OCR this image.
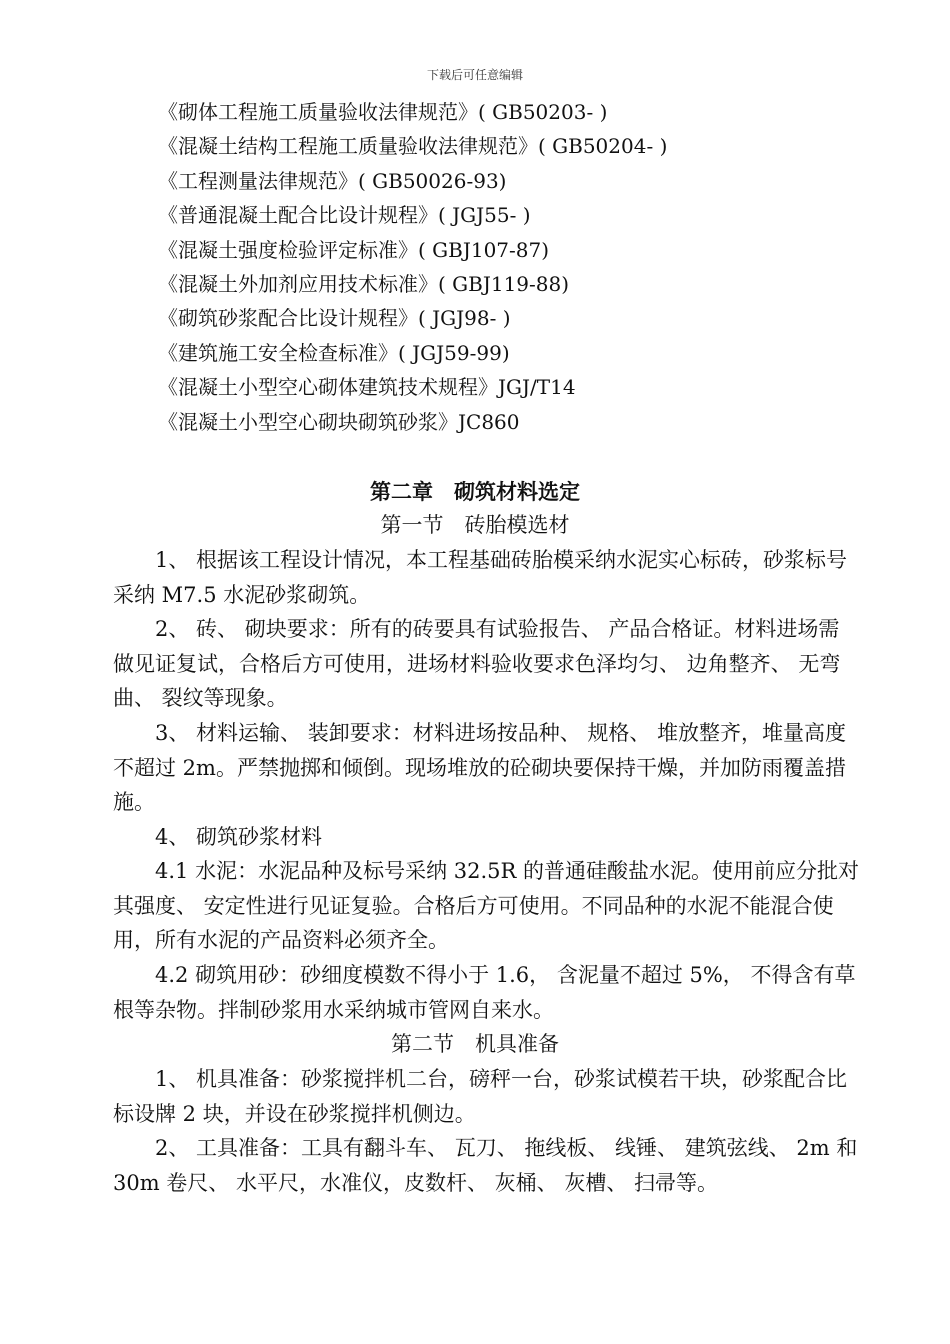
下载后可任意编辑
《砌体工程施工质量验收法律规范》( GB50203- )
《混凝土结构工程施工质量验收法律规范》( GB50204- )
《工程测量法律规范》( GB50026-93)
《普通混凝土配合比设计规程》( JGJ55- )
《混凝土强度检验评定标准》( GBJ107-87)
《混凝土外加剂应用技术标准》( GBJ119-88)
《砌筑砂浆配合比设计规程》( JGJ98- )
《建筑施工安全检查标准》( JGJ59-99)
《混凝土小型空心砌体建筑技术规程》JGJ/T14
《混凝土小型空心砌块砌筑砂浆》JC860
第二章　砌筑材料选定
第一节　砖胎模选材

1、 根据该工程设计情况，本工程基础砖胎模采纳水泥实心标砖，砂浆标号采纳 M7.5 水泥砂浆砌筑。

2、 砖、 砌块要求：所有的砖要具有试验报告、 产品合格证。材料进场需做见证复试，合格后方可使用，进场材料验收要求色泽均匀、 边角整齐、 无弯曲、 裂纹等现象。

3、 材料运输、 装卸要求：材料进场按品种、 规格、 堆放整齐，堆量高度不超过 2m。严禁抛掷和倾倒。现场堆放的砼砌块要保持干燥，并加防雨覆盖措施。

4、 砌筑砂浆材料

4.1 水泥：水泥品种及标号采纳 32.5R 的普通硅酸盐水泥。使用前应分批对其强度、 安定性进行见证复验。合格后方可使用。不同品种的水泥不能混合使用，所有水泥的产品资料必须齐全。

4.2 砌筑用砂：砂细度模数不得小于 1.6， 含泥量不超过 5%， 不得含有草根等杂物。拌制砂浆用水采纳城市管网自来水。

第二节　机具准备

1、 机具准备：砂浆搅拌机二台，磅秤一台，砂浆试模若干块，砂浆配合比标设牌 2 块，并设在砂浆搅拌机侧边。

2、 工具准备：工具有翻斗车、 瓦刀、 拖线板、 线锤、 建筑弦线、 2m 和 30m 卷尺、 水平尺，水准仪，皮数杆、 灰桶、 灰槽、 扫帚等。
